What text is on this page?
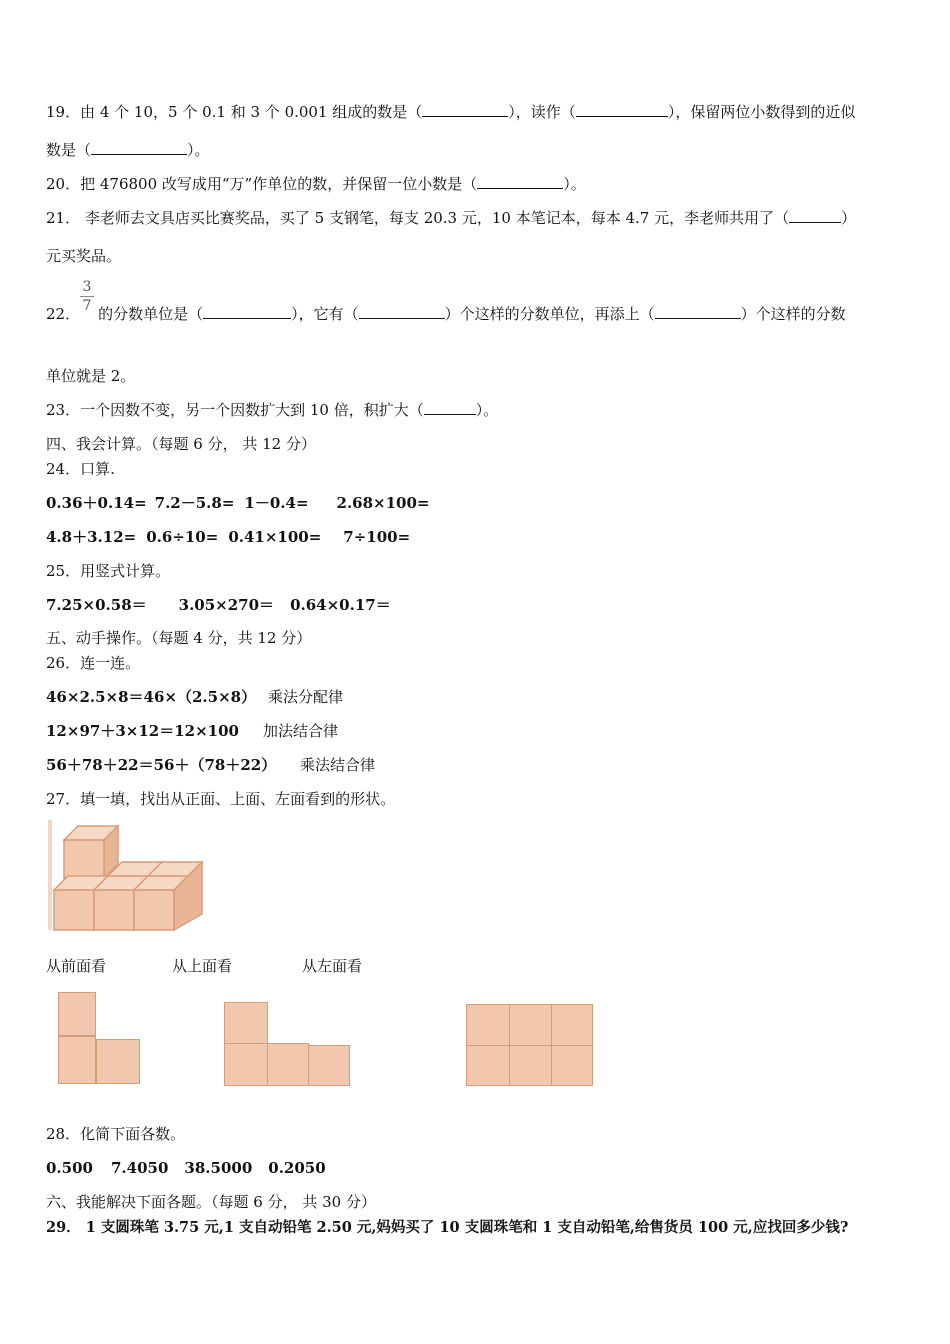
19．由 4 个 10，5 个 0.1 和 3 个 0.001 组成的数是（	），读作（	），保留两位小数得到的近似
数是（	）。
20．把 476800 改写成用“万”作单位的数，并保留一位小数是（	）。
21． 李老师去文具店买比赛奖品，买了 5 支钢笔，每支 20.3 元，10 本笔记本，每本 4.7 元，李老师共用了（	）
元买奖品。
$\frac{3}{7}$
22． 的分数单位是（	），它有（	）个这样的分数单位，再添上（	）个这样的分数
单位就是 2。
23．一个因数不变，另一个因数扩大到 10 倍，积扩大（	）。
四、我会计算。（每题 6 分， 共 12 分）
24．口算.
0.36＋0.14= 7.2－5.8= 1－0.4= 2.68×100=
4.8＋3.12= 0.6÷10= 0.41×100= 7÷100=
25．用竖式计算。
7.25×0.58＝ 3.05×270＝ 0.64×0.17＝
五、动手操作。（每题 4 分，共 12 分）
26．连一连。
46×2.5×8＝46×（2.5×8） 乘法分配律
12×97＋3×12＝12×100 加法结合律
56＋78＋22＝56＋（78＋22） 乘法结合律
27．填一填，找出从正面、上面、左面看到的形状。
从前面看	从上面看	从左面看
28．化简下面各数。
0.500 7.4050 38.5000 0.2050
六、我能解决下面各题。（每题 6 分， 共 30 分）
29． 1 支圆珠笔 3.75 元,1 支自动铅笔 2.50 元,妈妈买了 10 支圆珠笔和 1 支自动铅笔,给售货员 100 元,应找回多少钱?
